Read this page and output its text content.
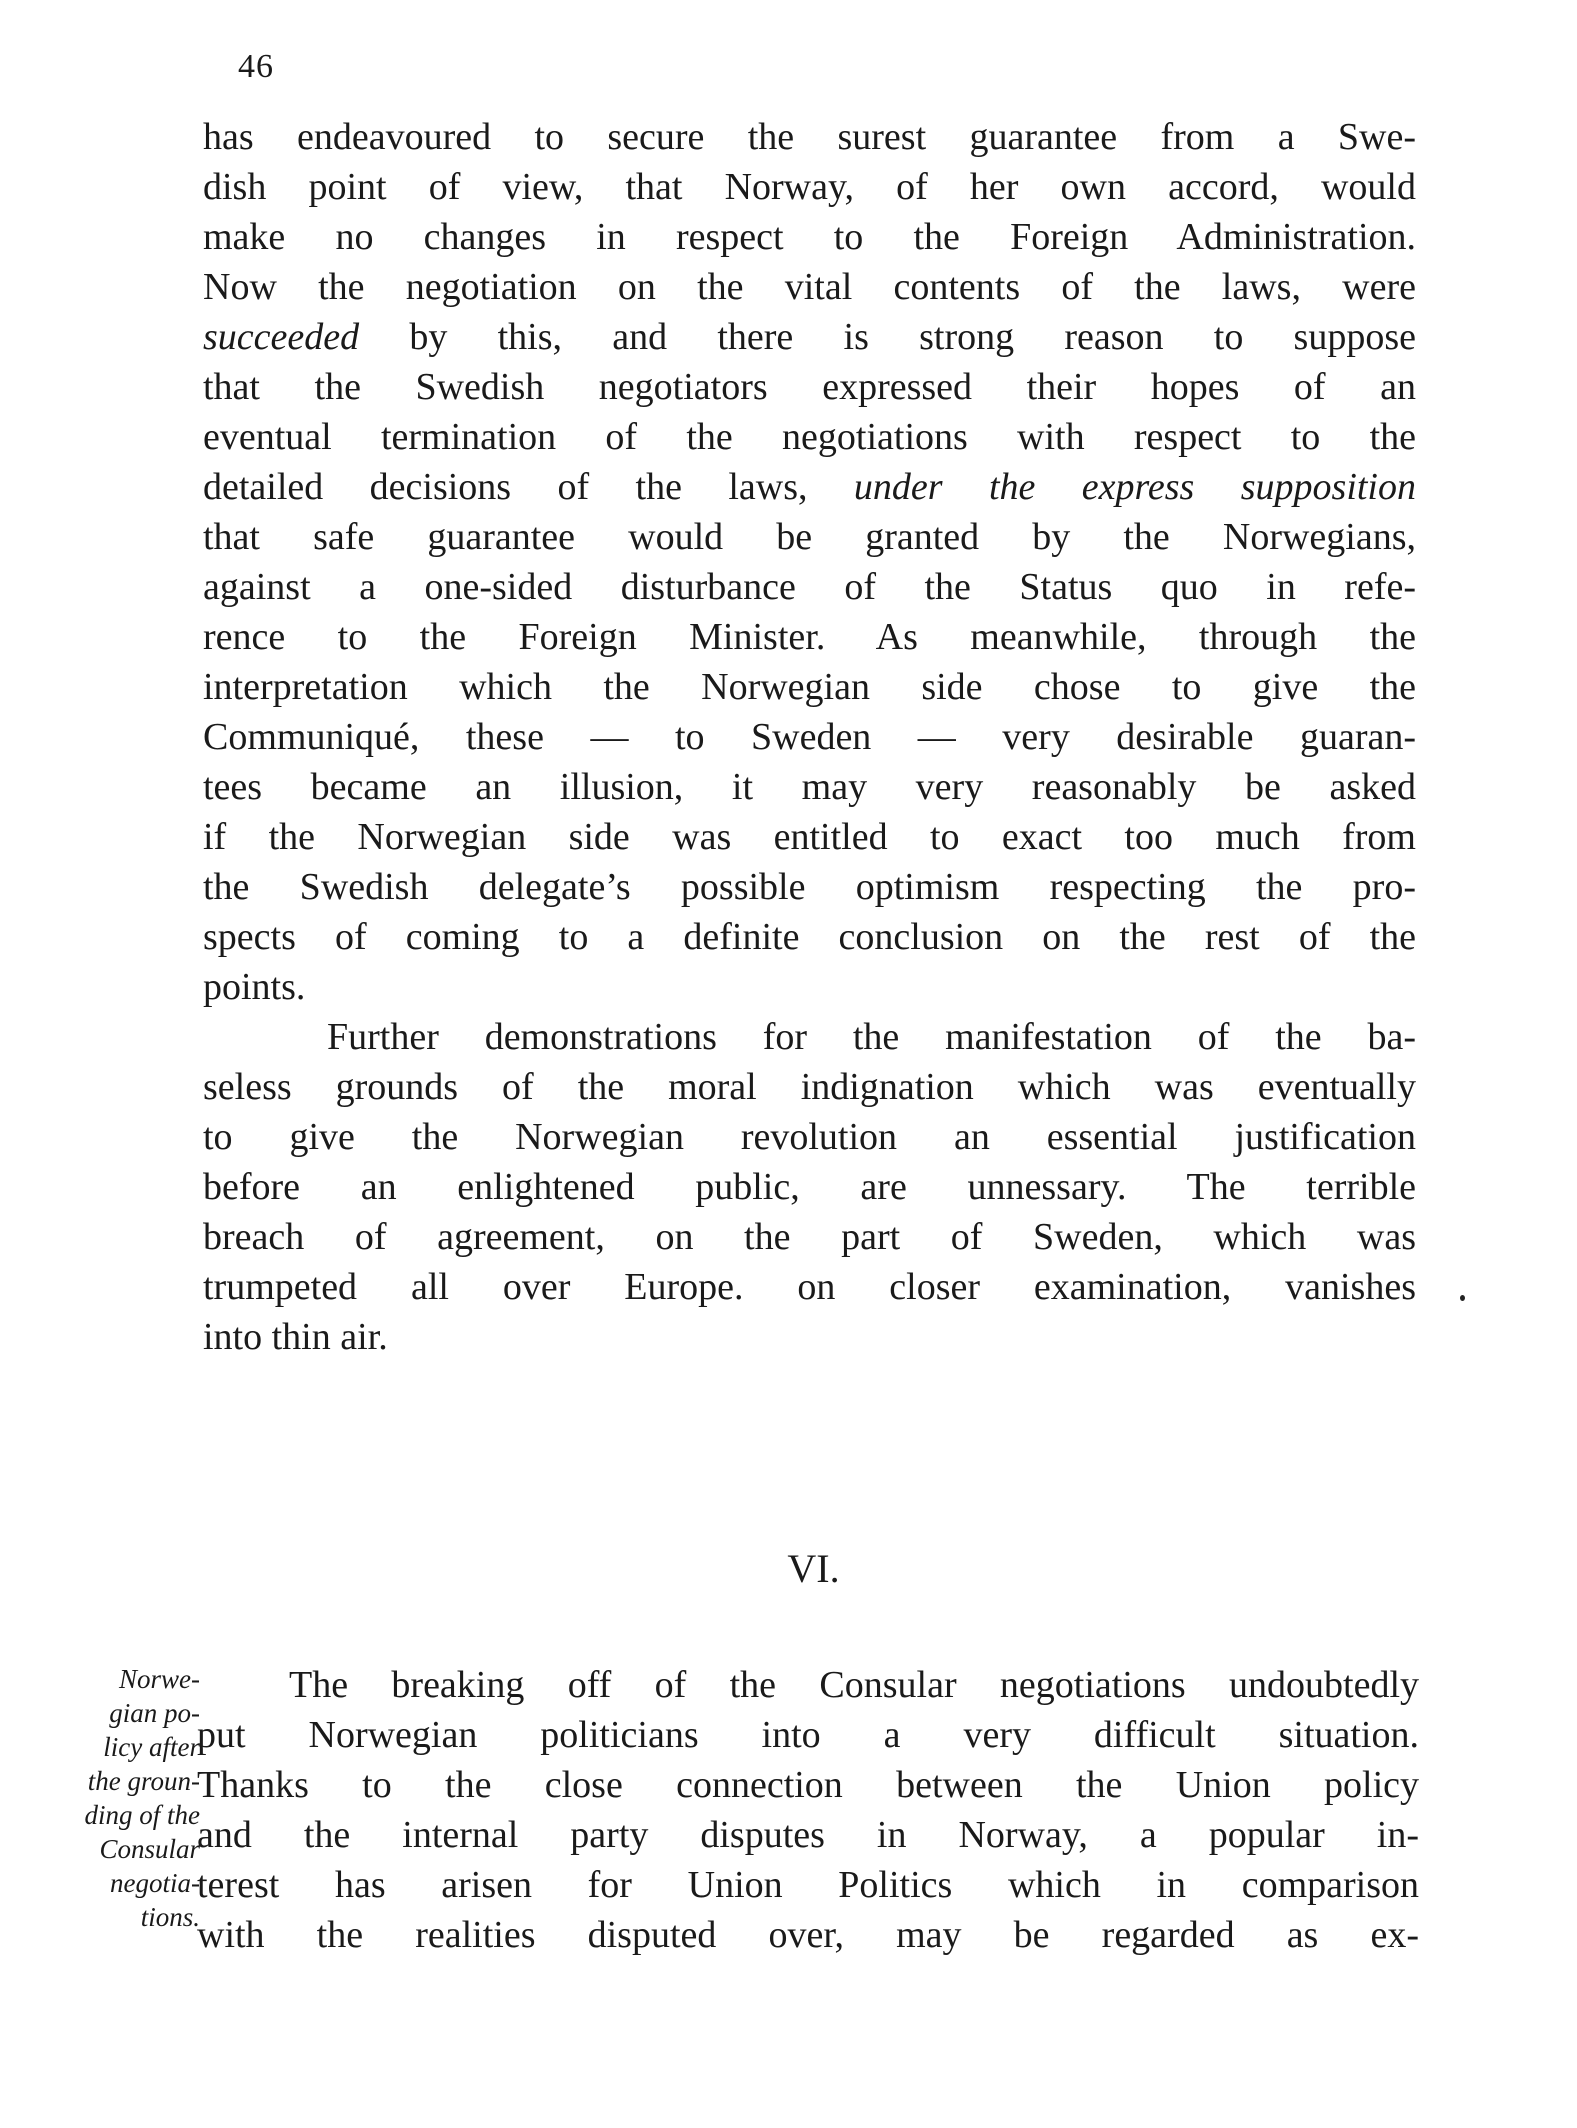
46
has endeavoured to secure the surest guarantee from a Swe-
dish point of view, that Norway, of her own accord, would
make no changes in respect to the Foreign Administration.
Now the negotiation on the vital contents of the laws, were
succeeded by this, and there is strong reason to suppose
that the Swedish negotiators expressed their hopes of an
eventual termination of the negotiations with respect to the
detailed decisions of the laws, under the express supposition
that safe guarantee would be granted by the Norwegians,
against a one-sided disturbance of the Status quo in refe-
rence to the Foreign Minister. As meanwhile, through the
interpretation which the Norwegian side chose to give the
Communiqué, these — to Sweden — very desirable guaran-
tees became an illusion, it may very reasonably be asked
if the Norwegian side was entitled to exact too much from
the Swedish delegate’s possible optimism respecting the pro-
spects of coming to a definite conclusion on the rest of the
points.
Further demonstrations for the manifestation of the ba-
seless grounds of the moral indignation which was eventually
to give the Norwegian revolution an essential justification
before an enlightened public, are unnessary. The terrible
breach of agreement, on the part of Sweden, which was
trumpeted all over Europe. on closer examination, vanishes
into thin air.
VI.
Norwe-
gian po-
licy after
the groun-
ding of the
Consular
negotia-
tions.
The breaking off of the Consular negotiations undoubtedly
put Norwegian politicians into a very difficult situation.
Thanks to the close connection between the Union policy
and the internal party disputes in Norway, a popular in-
terest has arisen for Union Politics which in comparison
with the realities disputed over, may be regarded as ex-
